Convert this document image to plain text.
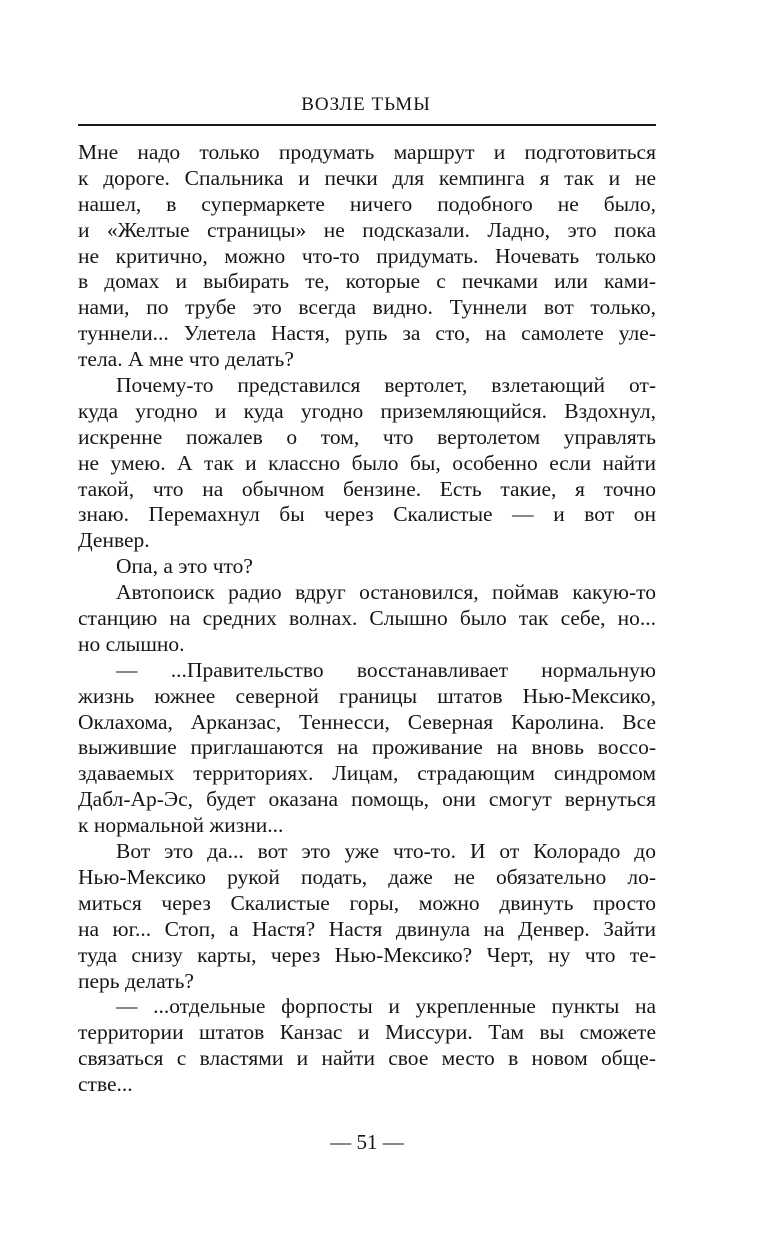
ВОЗЛЕ ТЬМЫ
Мне надо только продумать маршрут и подготовиться
к дороге. Спальника и печки для кемпинга я так и не
нашел, в супермаркете ничего подобного не было,
и «Желтые страницы» не подсказали. Ладно, это пока
не критично, можно что-то придумать. Ночевать только
в домах и выбирать те, которые с печками или ками-
нами, по трубе это всегда видно. Туннели вот только,
туннели... Улетела Настя, рупь за сто, на самолете уле-
тела. А мне что делать?
Почему-то представился вертолет, взлетающий от-
куда угодно и куда угодно приземляющийся. Вздохнул,
искренне пожалев о том, что вертолетом управлять
не умею. А так и классно было бы, особенно если найти
такой, что на обычном бензине. Есть такие, я точно
знаю. Перемахнул бы через Скалистые — и вот он
Денвер.
Опа, а это что?
Автопоиск радио вдруг остановился, поймав какую-то
станцию на средних волнах. Слышно было так себе, но...
но слышно.
— ...Правительство восстанавливает нормальную
жизнь южнее северной границы штатов Нью-Мексико,
Оклахома, Арканзас, Теннесси, Северная Каролина. Все
выжившие приглашаются на проживание на вновь воссо-
здаваемых территориях. Лицам, страдающим синдромом
Дабл-Ар-Эс, будет оказана помощь, они смогут вернуться
к нормальной жизни...
Вот это да... вот это уже что-то. И от Колорадо до
Нью-Мексико рукой подать, даже не обязательно ло-
миться через Скалистые горы, можно двинуть просто
на юг... Стоп, а Настя? Настя двинула на Денвер. Зайти
туда снизу карты, через Нью-Мексико? Черт, ну что те-
перь делать?
— ...отдельные форпосты и укрепленные пункты на
территории штатов Канзас и Миссури. Там вы сможете
связаться с властями и найти свое место в новом обще-
стве...
— 51 —
